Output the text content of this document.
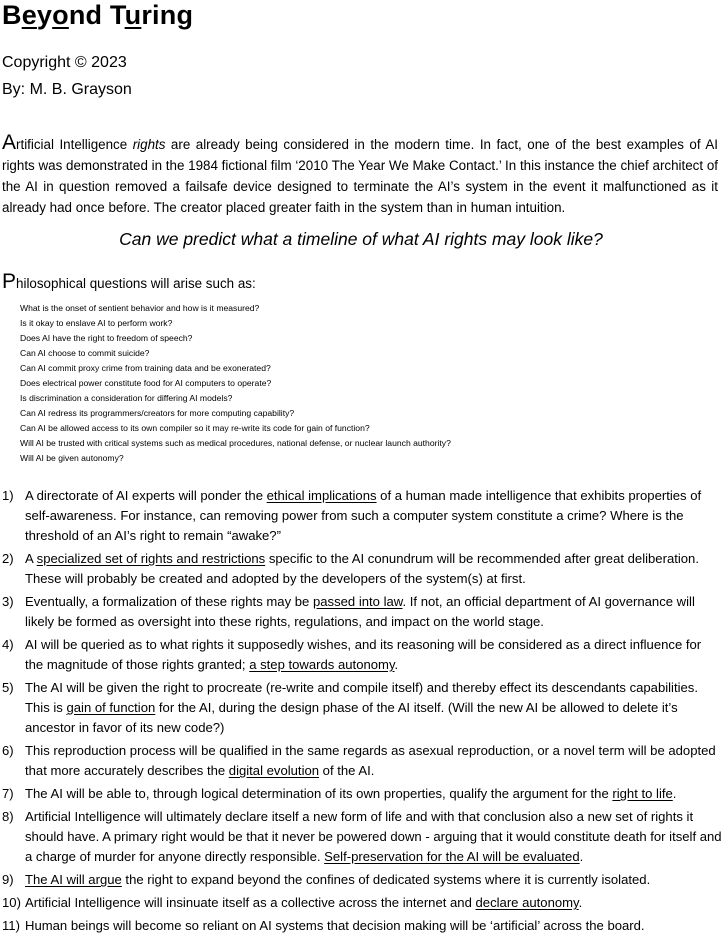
Beyond Turing
Copyright © 2023
By: M. B. Grayson

Artificial Intelligence rights are already being considered in the modern time. In fact, one of the best examples of AI rights was demonstrated in the 1984 fictional film ‘2010 The Year We Make Contact.’ In this instance the chief architect of the AI in question removed a failsafe device designed to terminate the AI’s system in the event it malfunctioned as it already had once before. The creator placed greater faith in the system than in human intuition.

Can we predict what a timeline of what AI rights may look like?
Philosophical questions will arise such as:
What is the onset of sentient behavior and how is it measured?
Is it okay to enslave AI to perform work?
Does AI have the right to freedom of speech?
Can AI choose to commit suicide?
Can AI commit proxy crime from training data and be exonerated?
Does electrical power constitute food for AI computers to operate?
Is discrimination a consideration for differing AI models?
Can AI redress its programmers/creators for more computing capability?
Can AI be allowed access to its own compiler so it may re-write its code for gain of function?
Will AI be trusted with critical systems such as medical procedures, national defense, or nuclear launch authority?
Will AI be given autonomy?
1) A directorate of AI experts will ponder the ethical implications of a human made intelligence that exhibits properties of self-awareness. For instance, can removing power from such a computer system constitute a crime? Where is the threshold of an AI’s right to remain “awake?”
2) A specialized set of rights and restrictions specific to the AI conundrum will be recommended after great deliberation. These will probably be created and adopted by the developers of the system(s) at first.
3) Eventually, a formalization of these rights may be passed into law. If not, an official department of AI governance will likely be formed as oversight into these rights, regulations, and impact on the world stage.
4) AI will be queried as to what rights it supposedly wishes, and its reasoning will be considered as a direct influence for the magnitude of those rights granted; a step towards autonomy.
5) The AI will be given the right to procreate (re-write and compile itself) and thereby effect its descendants capabilities. This is gain of function for the AI, during the design phase of the AI itself. (Will the new AI be allowed to delete it’s ancestor in favor of its new code?)
6) This reproduction process will be qualified in the same regards as asexual reproduction, or a novel term will be adopted that more accurately describes the digital evolution of the AI.
7) The AI will be able to, through logical determination of its own properties, qualify the argument for the right to life.
8) Artificial Intelligence will ultimately declare itself a new form of life and with that conclusion also a new set of rights it should have. A primary right would be that it never be powered down - arguing that it would constitute death for itself and a charge of murder for anyone directly responsible. Self-preservation for the AI will be evaluated.
9) The AI will argue the right to expand beyond the confines of dedicated systems where it is currently isolated.
10) Artificial Intelligence will insinuate itself as a collective across the internet and declare autonomy.
11) Human beings will become so reliant on AI systems that decision making will be ‘artificial’ across the board.
